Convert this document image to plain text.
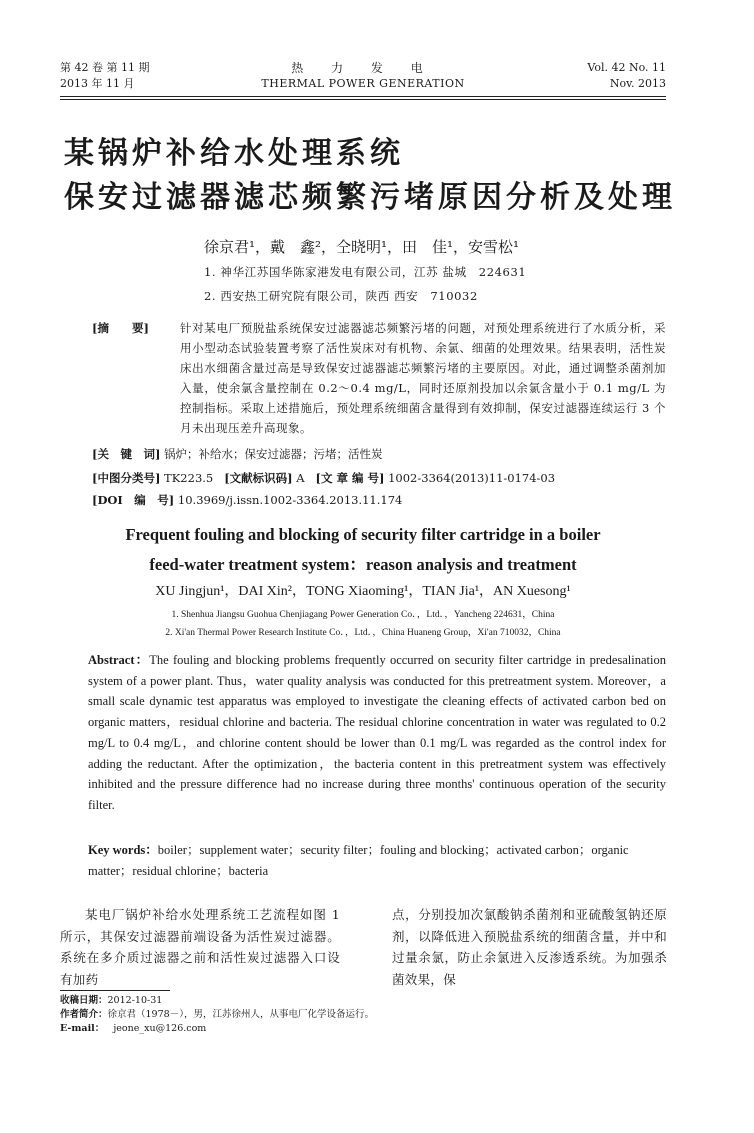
第 42 卷 第 11 期
2013 年 11 月
热 力 发 电
THERMAL POWER GENERATION
Vol. 42 No. 11
Nov. 2013
某锅炉补给水处理系统
保安过滤器滤芯频繁污堵原因分析及处理
徐京君¹，戴　鑫²，仝晓明¹，田　佳¹，安雪松¹
1. 神华江苏国华陈家港发电有限公司，江苏 盐城　224631
2. 西安热工研究院有限公司，陕西 西安　710032
[摘　　要]	针对某电厂预脱盐系统保安过滤器滤芯频繁污堵的问题，对预处理系统进行了水质分析，采用小型动态试验装置考察了活性炭床对有机物、余氯、细菌的处理效果。结果表明，活性炭床出水细菌含量过高是导致保安过滤器滤芯频繁污堵的主要原因。对此，通过调整杀菌剂加入量，使余氯含量控制在 0.2～0.4 mg/L，同时还原剂投加以余氯含量小于 0.1 mg/L 为控制指标。采取上述措施后，预处理系统细菌含量得到有效抑制，保安过滤器连续运行 3 个月未出现压差升高现象。
[关　键　词] 锅炉；补给水；保安过滤器；污堵；活性炭
[中图分类号] TK223.5 [文献标识码] A [文 章 编 号] 1002-3364(2013)11-0174-03
[DOI　编　号] 10.3969/j.issn.1002-3364.2013.11.174
Frequent fouling and blocking of security filter cartridge in a boiler
feed-water treatment system：reason analysis and treatment
XU Jingjun¹，DAI Xin²，TONG Xiaoming¹，TIAN Jia¹，AN Xuesong¹
1. Shenhua Jiangsu Guohua Chenjiagang Power Generation Co．，Ltd．，Yancheng 224631，China
2. Xi'an Thermal Power Research Institute Co．，Ltd．，China Huaneng Group，Xi'an 710032，China
Abstract：The fouling and blocking problems frequently occurred on security filter cartridge in predesalination system of a power plant. Thus，water quality analysis was conducted for this pretreatment system. Moreover，a small scale dynamic test apparatus was employed to investigate the cleaning effects of activated carbon bed on organic matters，residual chlorine and bacteria. The residual chlorine concentration in water was regulated to 0.2 mg/L to 0.4 mg/L，and chlorine content should be lower than 0.1 mg/L was regarded as the control index for adding the reductant. After the optimization，the bacteria content in this pretreatment system was effectively inhibited and the pressure difference had no increase during three months' continuous operation of the security filter.
Key words：boiler；supplement water；security filter；fouling and blocking；activated carbon；organic matter；residual chlorine；bacteria
某电厂锅炉补给水处理系统工艺流程如图 1 所示，其保安过滤器前端设备为活性炭过滤器。系统在多介质过滤器之前和活性炭过滤器入口设有加药
点，分别投加次氯酸钠杀菌剂和亚硫酸氢钠还原剂，以降低进入预脱盐系统的细菌含量，并中和过量余氯，防止余氯进入反渗透系统。为加强杀菌效果，保
收稿日期：2012-10-31
作者简介：徐京君（1978－），男，江苏徐州人，从事电厂化学设备运行。
E-mail： jeone_xu@126.com
